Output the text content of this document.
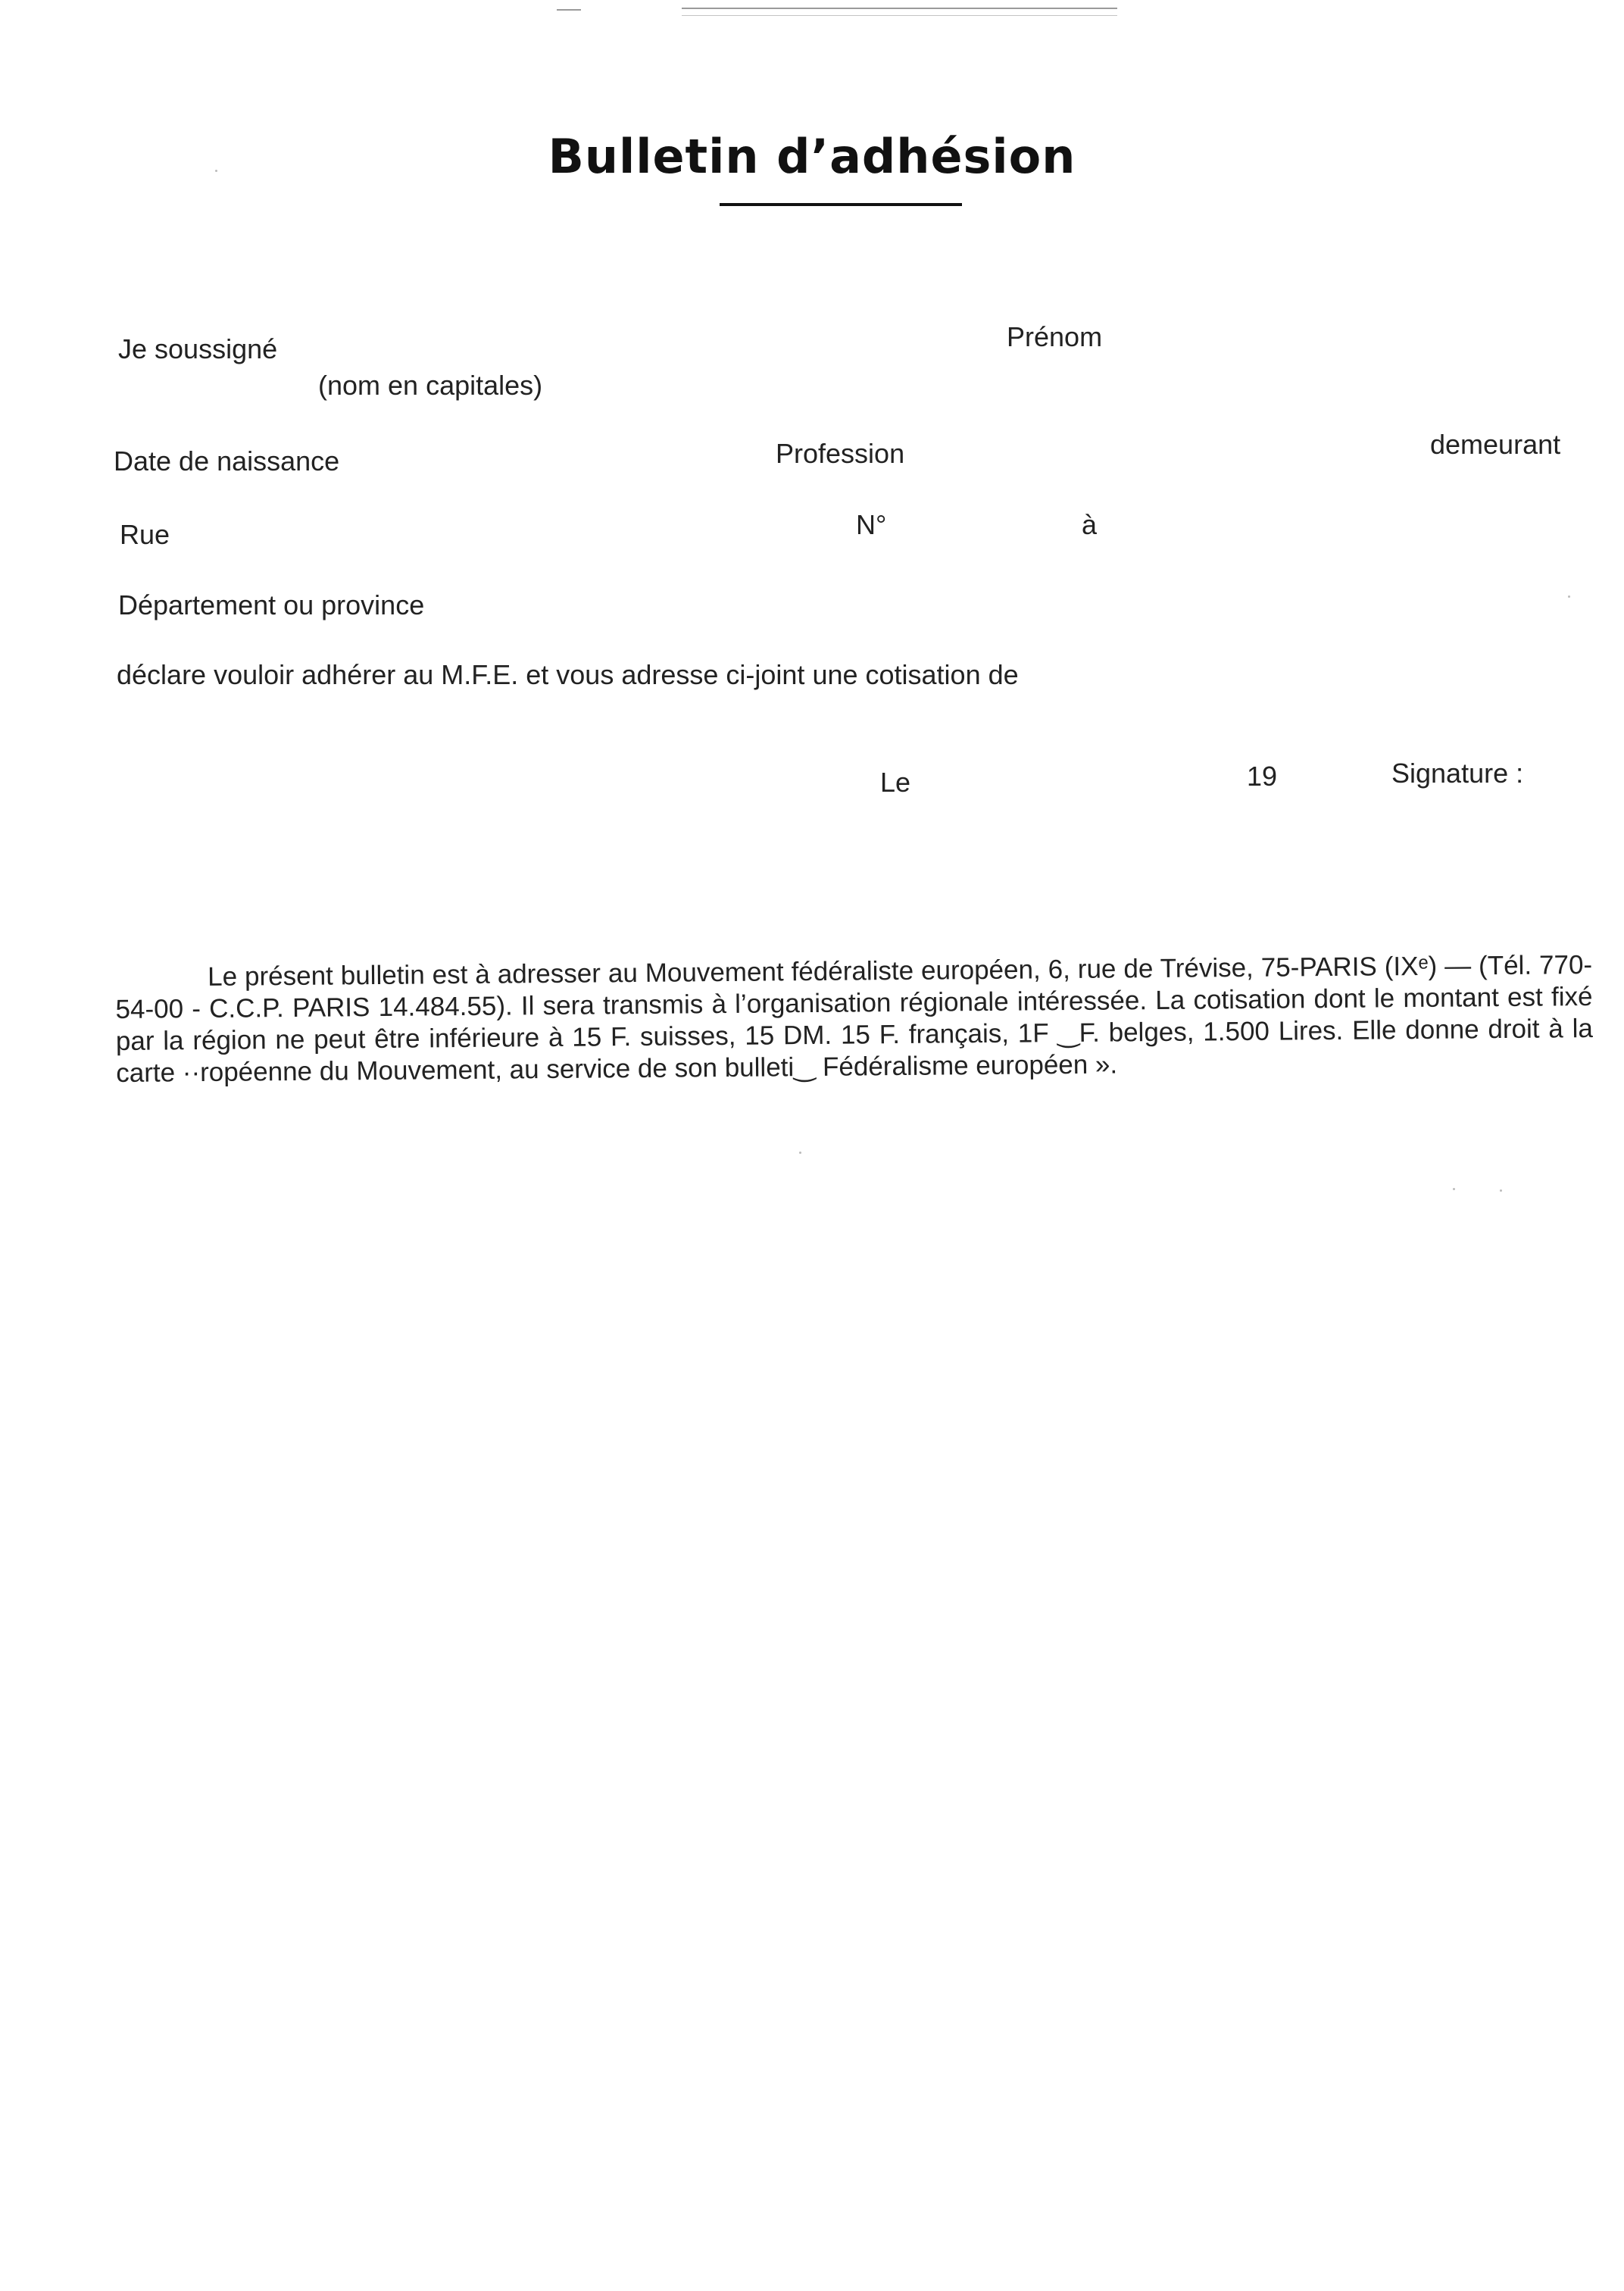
Bulletin d’adhésion
Je soussigné	Prénom
(nom en capitales)
Date de naissance	Profession	demeurant
Rue	N°	à
Département ou province
déclare vouloir adhérer au M.F.E. et vous adresse ci-joint une cotisation de
Le	19	Signature :
Le présent bulletin est à adresser au Mouvement fédéraliste européen, 6, rue de Trévise, 75-PARIS (IXᵉ) — (Tél. 770-54-00 - C.C.P. PARIS 14.484.55). Il sera transmis à l’organisation régionale intéressée. La cotisation dont le montant est fixé par la région ne peut être inférieure à 15 F. suisses, 15 DM. 15 F. français, 1F ‿F. belges, 1.500 Lires. Elle donne droit à la carte ··ropéenne du Mouvement, au service de son bulleti‿ Fédéralisme européen ».
